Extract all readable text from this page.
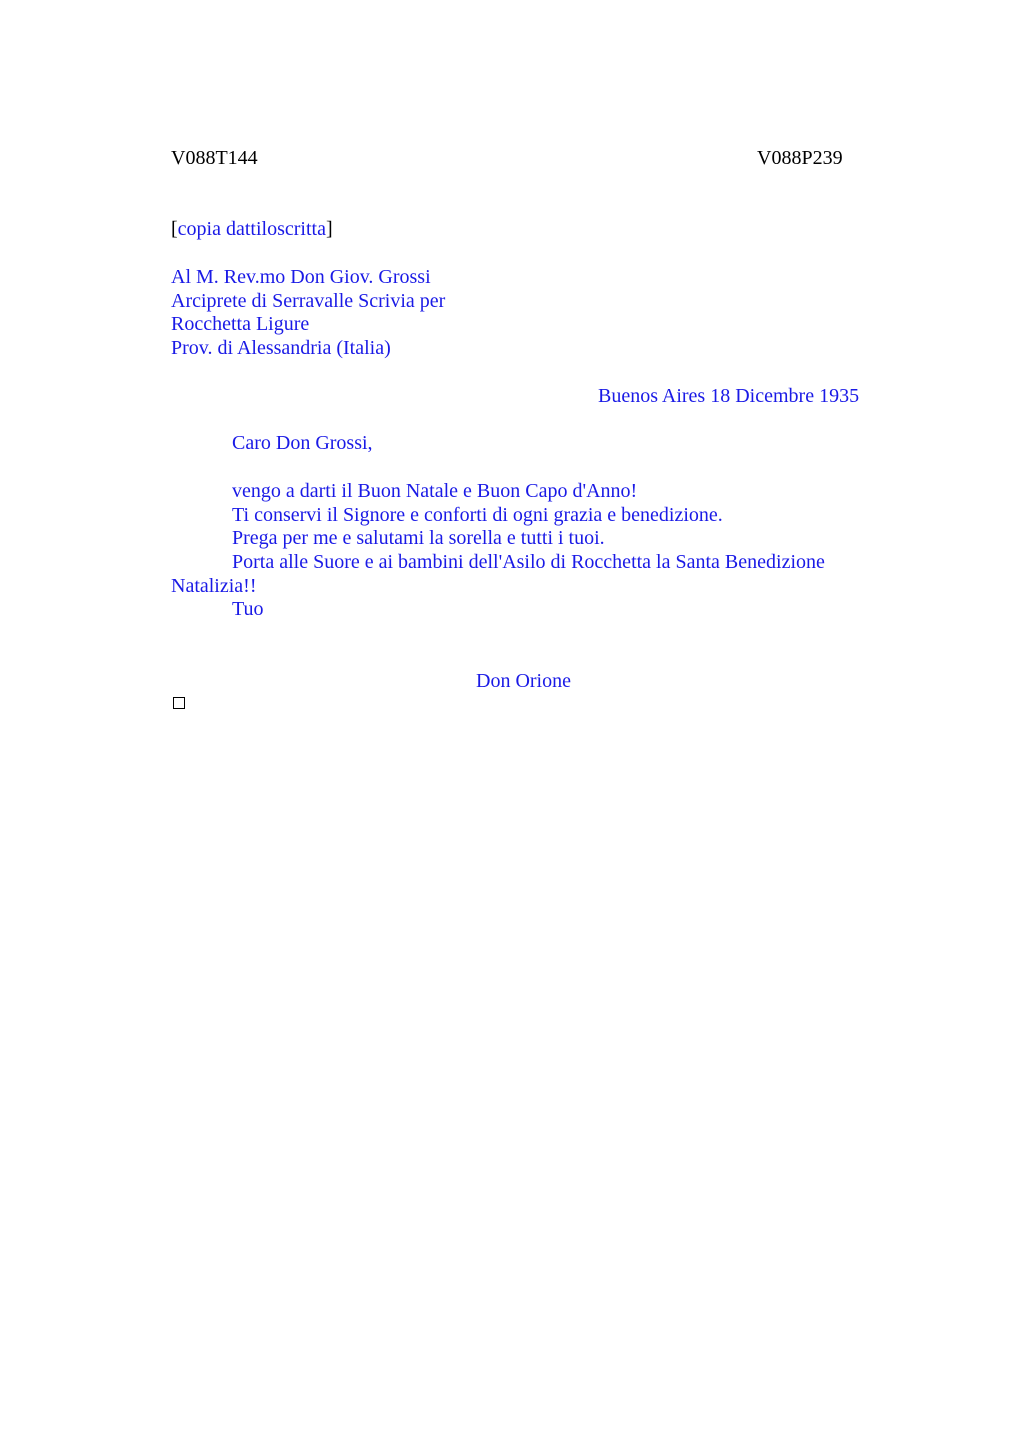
V088T144	V088P239
[copia dattiloscritta]
Al M. Rev.mo Don Giov. Grossi
Arciprete di Serravalle Scrivia per
Rocchetta Ligure
Prov. di Alessandria (Italia)
Buenos Aires 18 Dicembre 1935
Caro Don Grossi,
vengo a darti il Buon Natale e Buon Capo d'Anno!
Ti conservi il Signore e conforti di ogni grazia e benedizione.
Prega per me e salutami la sorella e tutti i tuoi.
Porta alle Suore e ai bambini dell'Asilo di Rocchetta la Santa Benedizione
Natalizia!!
Tuo
Don Orione
